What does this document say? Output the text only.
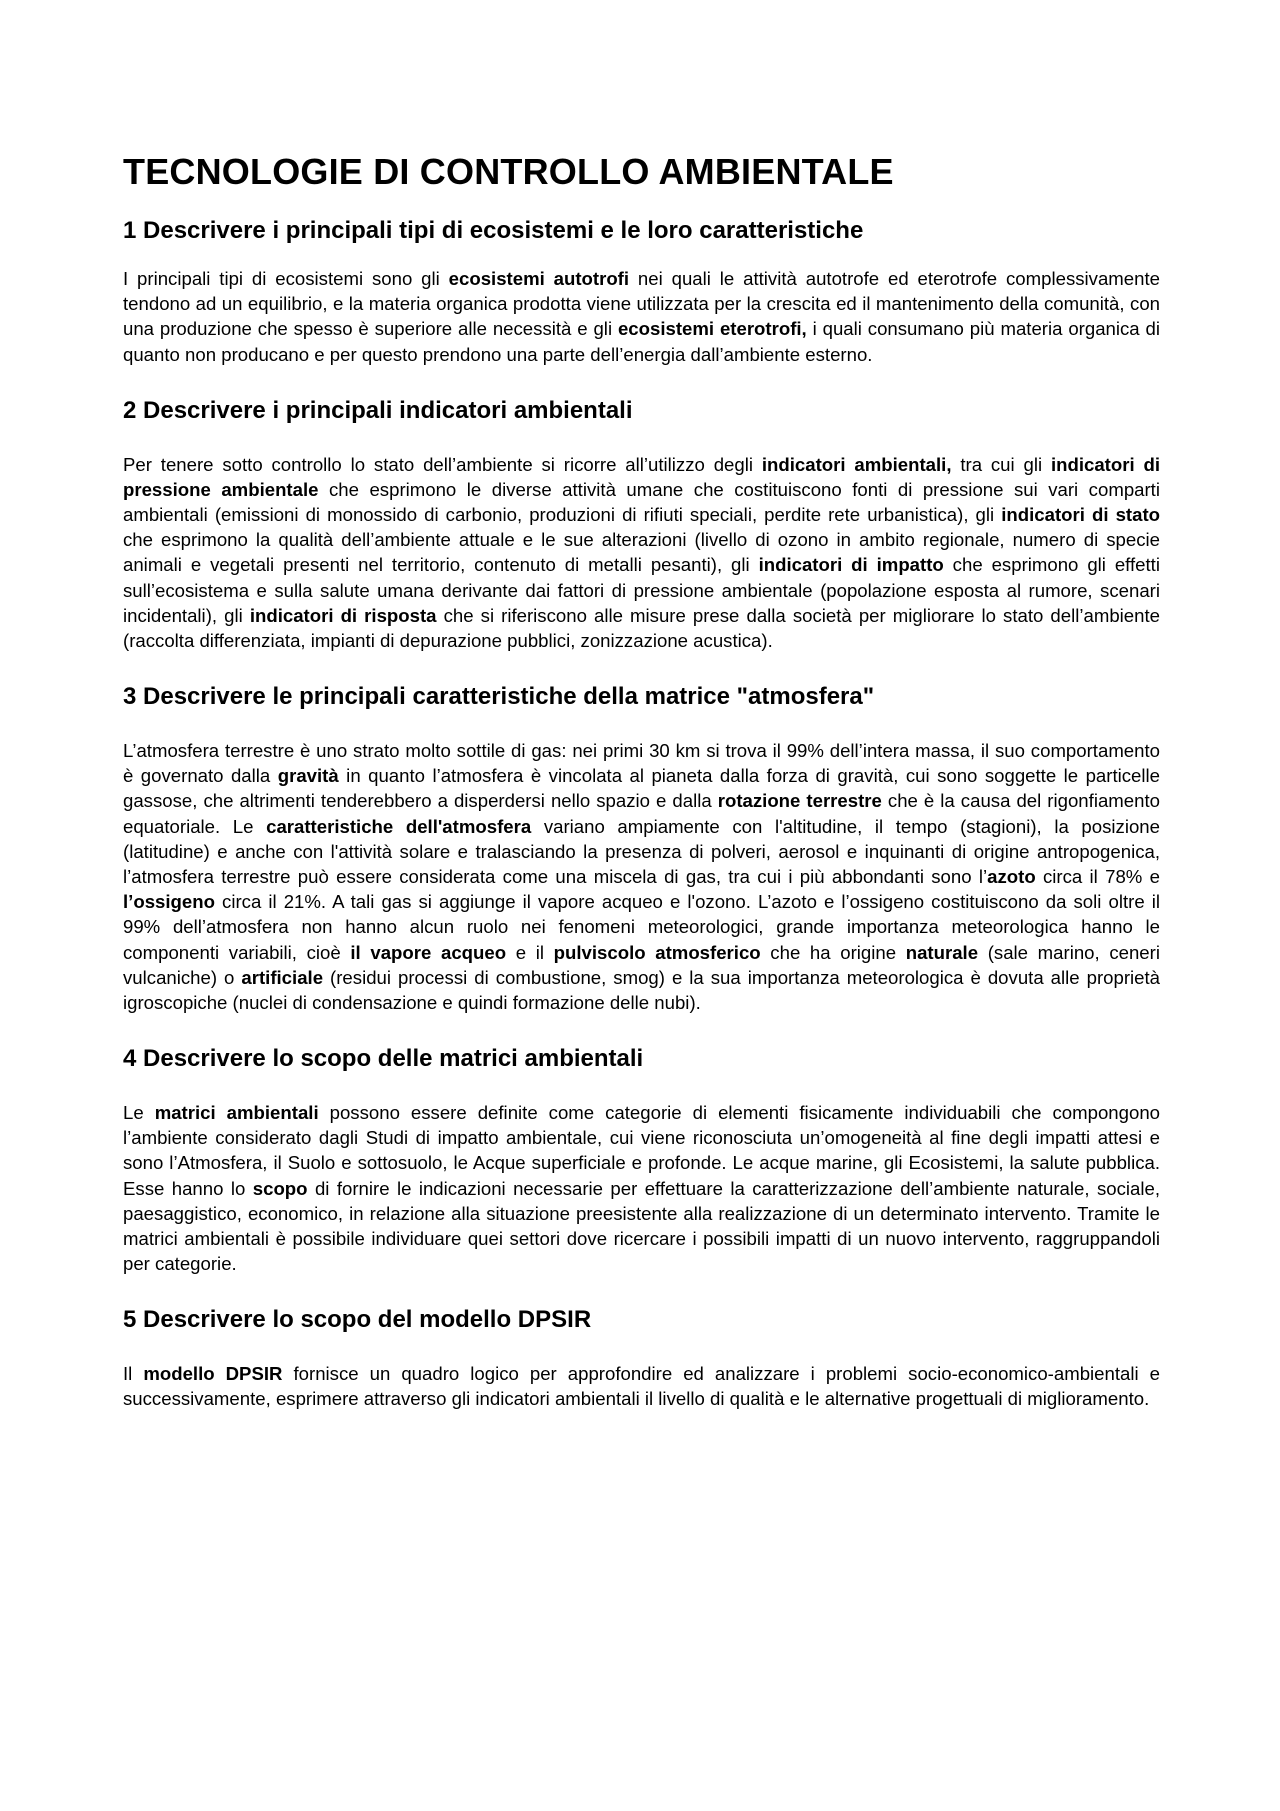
TECNOLOGIE DI CONTROLLO AMBIENTALE
1 Descrivere i principali tipi di ecosistemi e le loro caratteristiche

I principali tipi di ecosistemi sono gli ecosistemi autotrofi nei quali le attività autotrofe ed eterotrofe complessivamente tendono ad un equilibrio, e la materia organica prodotta viene utilizzata per la crescita ed il mantenimento della comunità, con una produzione che spesso è superiore alle necessità e gli ecosistemi eterotrofi, i quali consumano più materia organica di quanto non producano e per questo prendono una parte dell’energia dall’ambiente esterno.

2 Descrivere i principali indicatori ambientali

Per tenere sotto controllo lo stato dell’ambiente si ricorre all’utilizzo degli indicatori ambientali, tra cui gli indicatori di pressione ambientale che esprimono le diverse attività umane che costituiscono fonti di pressione sui vari comparti ambientali (emissioni di monossido di carbonio, produzioni di rifiuti speciali, perdite rete urbanistica), gli indicatori di stato che esprimono la qualità dell’ambiente attuale e le sue alterazioni (livello di ozono in ambito regionale, numero di specie animali e vegetali presenti nel territorio, contenuto di metalli pesanti), gli indicatori di impatto che esprimono gli effetti sull’ecosistema e sulla salute umana derivante dai fattori di pressione ambientale (popolazione esposta al rumore, scenari incidentali), gli indicatori di risposta che si riferiscono alle misure prese dalla società per migliorare lo stato dell’ambiente (raccolta differenziata, impianti di depurazione pubblici, zonizzazione acustica).

3 Descrivere le principali caratteristiche della matrice "atmosfera"

L’atmosfera terrestre è uno strato molto sottile di gas: nei primi 30 km si trova il 99% dell’intera massa, il suo comportamento è governato dalla gravità in quanto l’atmosfera è vincolata al pianeta dalla forza di gravità, cui sono soggette le particelle gassose, che altrimenti tenderebbero a disperdersi nello spazio e dalla rotazione terrestre che è la causa del rigonfiamento equatoriale. Le caratteristiche dell'atmosfera variano ampiamente con l'altitudine, il tempo (stagioni), la posizione (latitudine) e anche con l'attività solare e tralasciando la presenza di polveri, aerosol e inquinanti di origine antropogenica, l’atmosfera terrestre può essere considerata come una miscela di gas, tra cui i più abbondanti sono l’azoto circa il 78% e l’ossigeno circa il 21%. A tali gas si aggiunge il vapore acqueo e l'ozono. L’azoto e l’ossigeno costituiscono da soli oltre il 99% dell’atmosfera non hanno alcun ruolo nei fenomeni meteorologici, grande importanza meteorologica hanno le componenti variabili, cioè il vapore acqueo e il pulviscolo atmosferico che ha origine naturale (sale marino, ceneri vulcaniche) o artificiale (residui processi di combustione, smog) e la sua importanza meteorologica è dovuta alle proprietà igroscopiche (nuclei di condensazione e quindi formazione delle nubi).

4 Descrivere lo scopo delle matrici ambientali

Le matrici ambientali possono essere definite come categorie di elementi fisicamente individuabili che compongono l’ambiente considerato dagli Studi di impatto ambientale, cui viene riconosciuta un’omogeneità al fine degli impatti attesi e sono l’Atmosfera, il Suolo e sottosuolo, le Acque superficiale e profonde. Le acque marine, gli Ecosistemi, la salute pubblica. Esse hanno lo scopo di fornire le indicazioni necessarie per effettuare la caratterizzazione dell’ambiente naturale, sociale, paesaggistico, economico, in relazione alla situazione preesistente alla realizzazione di un determinato intervento. Tramite le matrici ambientali è possibile individuare quei settori dove ricercare i possibili impatti di un nuovo intervento, raggruppandoli per categorie.

5 Descrivere lo scopo del modello DPSIR

Il modello DPSIR fornisce un quadro logico per approfondire ed analizzare i problemi socio-economico-ambientali e successivamente, esprimere attraverso gli indicatori ambientali il livello di qualità e le alternative progettuali di miglioramento.
